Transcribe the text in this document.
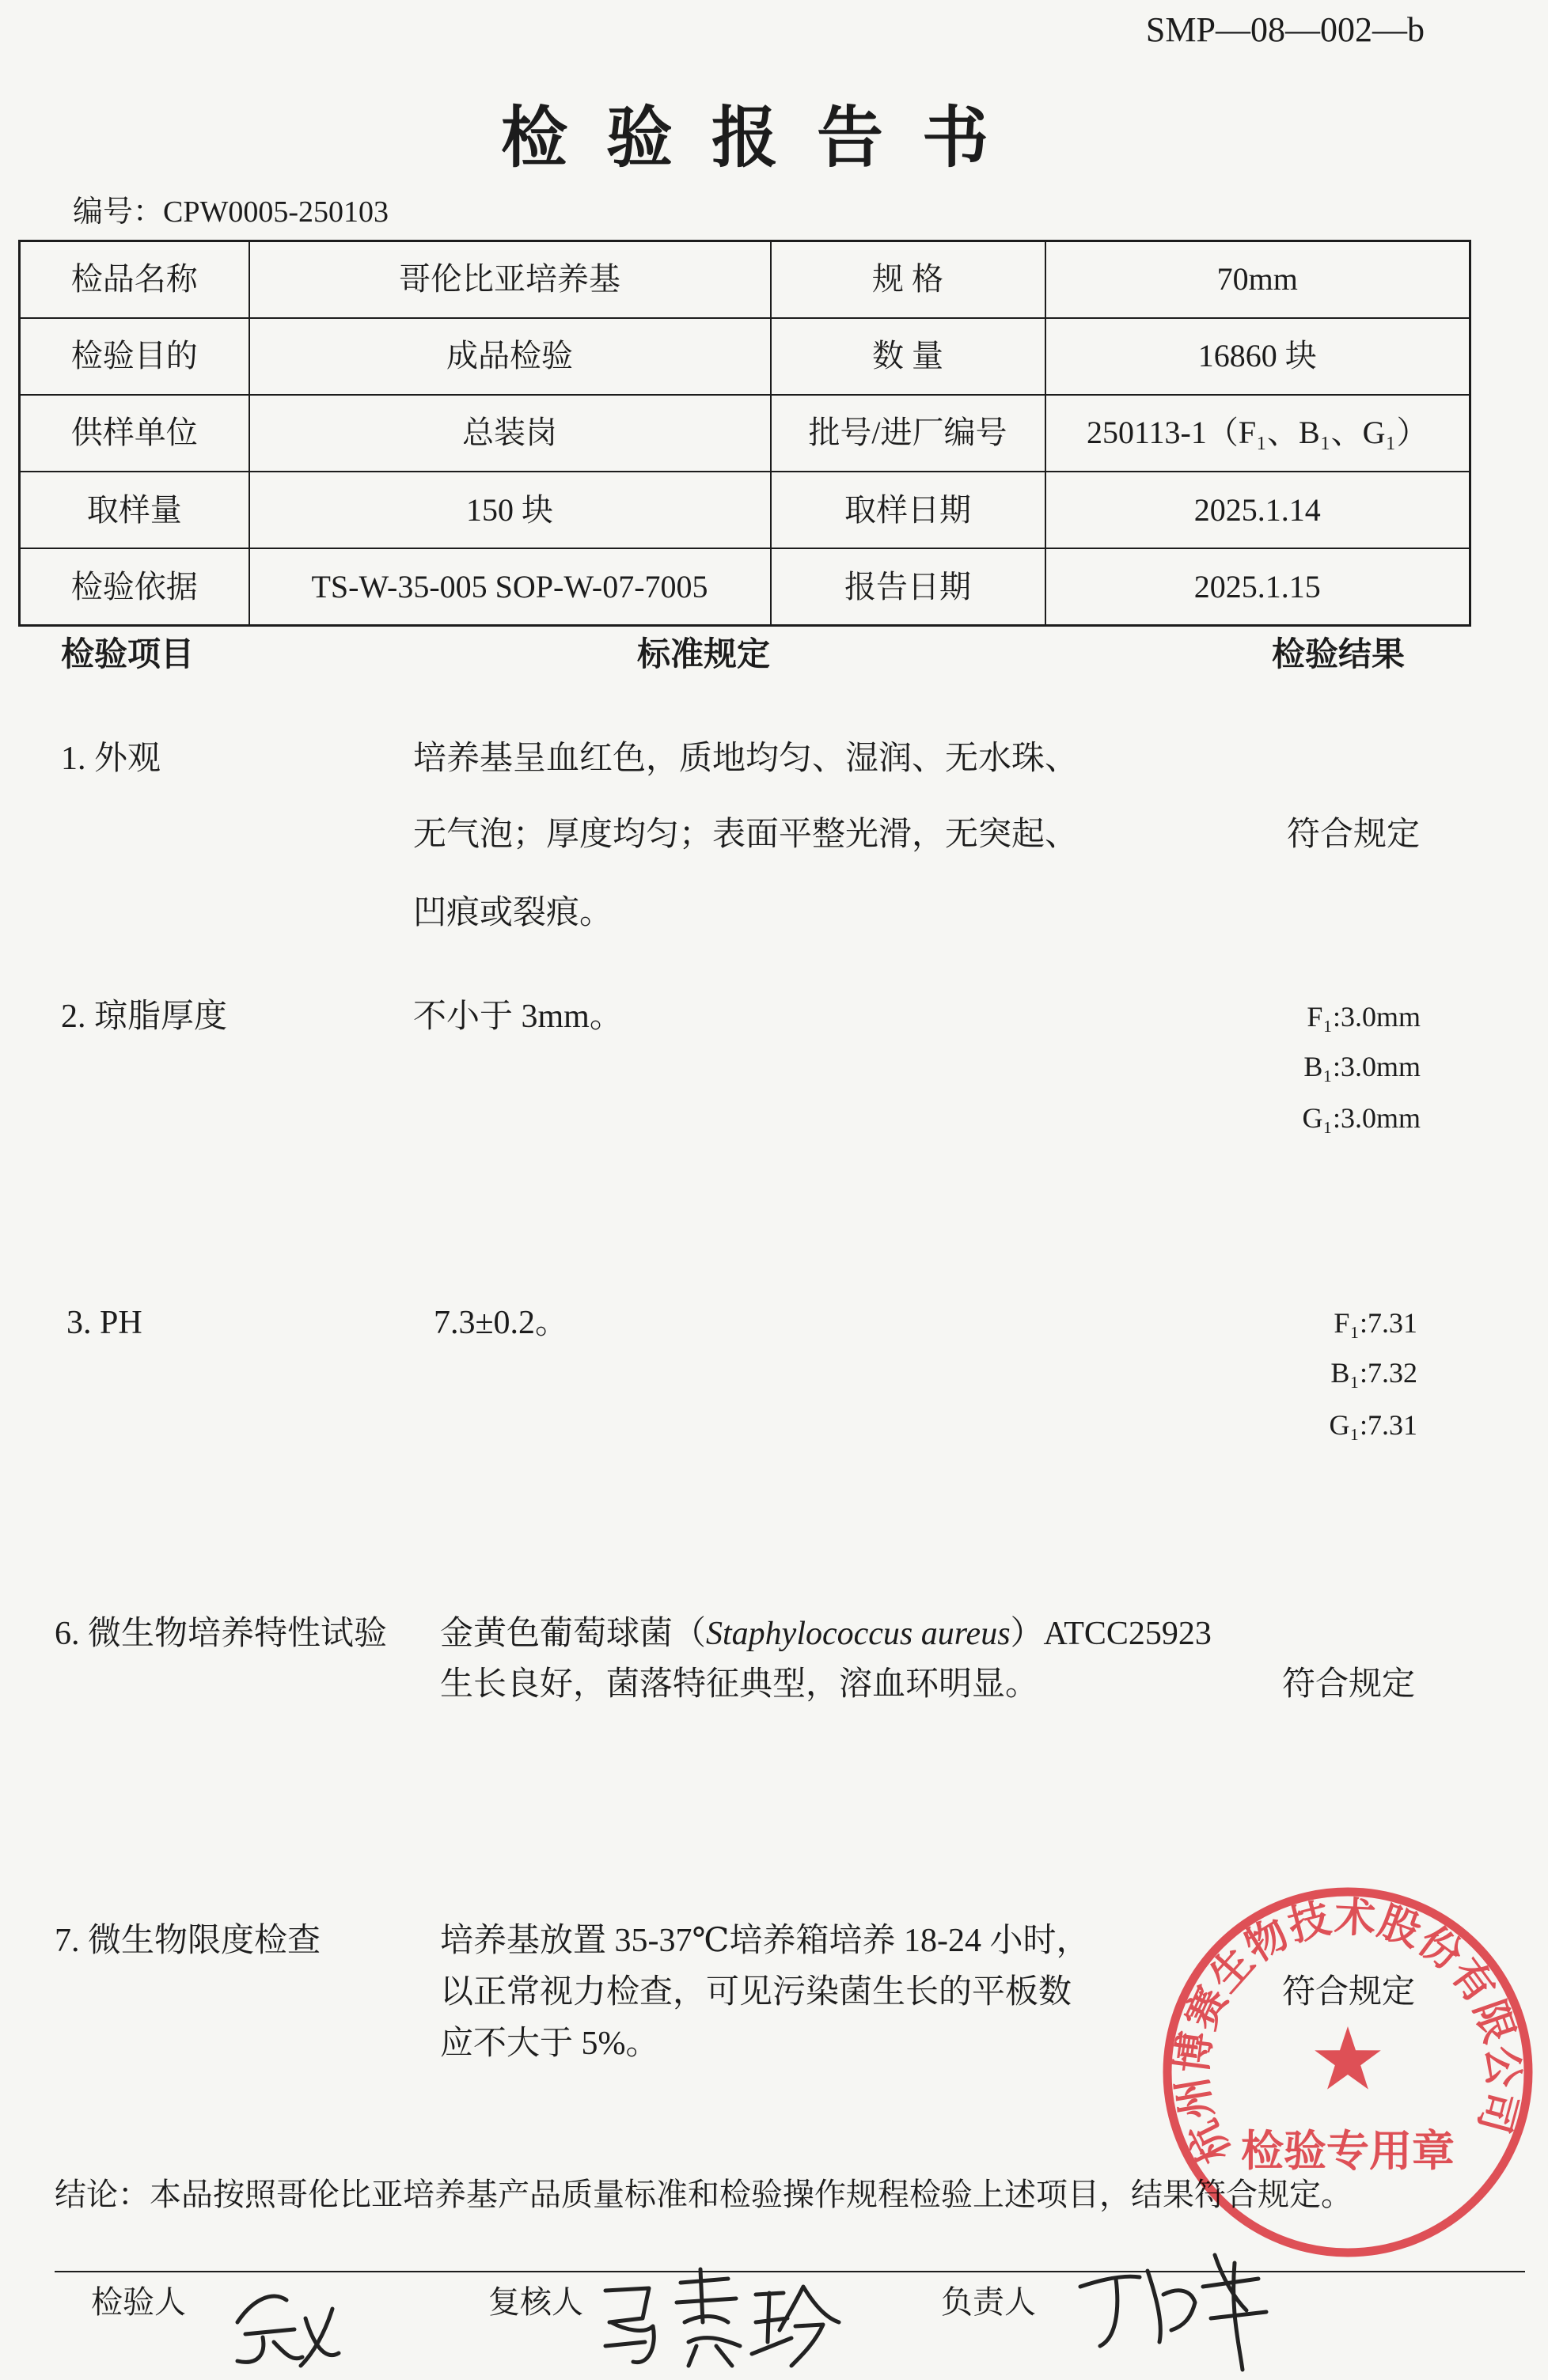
SMP—08—002—b
检验报告书
编号：CPW0005-250103
检品名称	哥伦比亚培养基	规 格	70mm
检验目的	成品检验	数 量	16860 块
供样单位	总装岗	批号/进厂编号	250113-1（F₁、B₁、G₁）
取样量	150 块	取样日期	2025.1.14
检验依据	TS-W-35-005 SOP-W-07-7005	报告日期	2025.1.15
检验项目	标准规定	检验结果
1. 外观	培养基呈血红色，质地均匀、湿润、无水珠、
无气泡；厚度均匀；表面平整光滑，无突起、
凹痕或裂痕。
符合规定
2. 琼脂厚度	不小于 3mm。	F₁:3.0mm
B₁:3.0mm
G₁:3.0mm
3. PH	7.3±0.2。	F₁:7.31
B₁:7.32
G₁:7.31
6. 微生物培养特性试验 金黄色葡萄球菌（Staphylococcus aureus）ATCC25923
生长良好，菌落特征典型，溶血环明显。	符合规定
7. 微生物限度检查	培养基放置 35-37℃培养箱培养 18-24 小时，
以正常视力检查，可见污染菌生长的平板数
应不大于 5%。
符合规定
结论：本品按照哥伦比亚培养基产品质量标准和检验操作规程检验上述项目，结果符合规定。
检验人	复核人	负责人
杭州博赛生物技术股份有限公司
检验专用章
